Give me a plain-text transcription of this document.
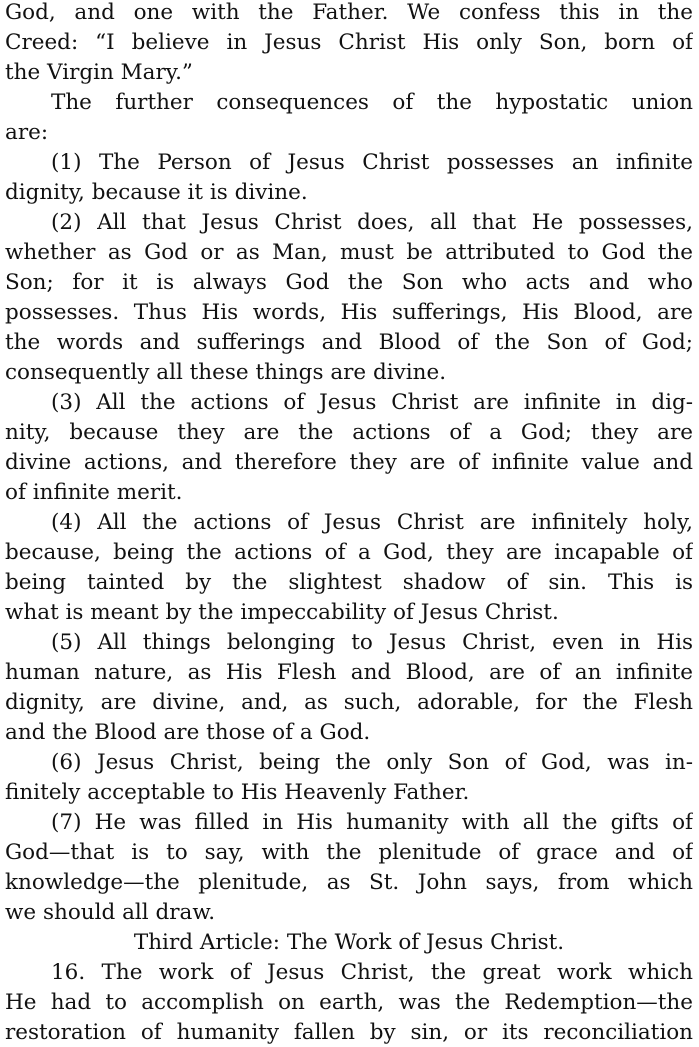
God, and one with the Father. We confess this in the
Creed: “I believe in Jesus Christ His only Son, born of
the Virgin Mary.”
The further consequences of the hypostatic union
are:
(1) The Person of Jesus Christ possesses an infinite
dignity, because it is divine.
(2) All that Jesus Christ does, all that He possesses,
whether as God or as Man, must be attributed to God the
Son; for it is always God the Son who acts and who
possesses. Thus His words, His sufferings, His Blood, are
the words and sufferings and Blood of the Son of God;
consequently all these things are divine.
(3) All the actions of Jesus Christ are infinite in dig-
nity, because they are the actions of a God; they are
divine actions, and therefore they are of infinite value and
of infinite merit.
(4) All the actions of Jesus Christ are infinitely holy,
because, being the actions of a God, they are incapable of
being tainted by the slightest shadow of sin. This is
what is meant by the impeccability of Jesus Christ.
(5) All things belonging to Jesus Christ, even in His
human nature, as His Flesh and Blood, are of an infinite
dignity, are divine, and, as such, adorable, for the Flesh
and the Blood are those of a God.
(6) Jesus Christ, being the only Son of God, was in-
finitely acceptable to His Heavenly Father.
(7) He was filled in His humanity with all the gifts of
God—that is to say, with the plenitude of grace and of
knowledge—the plenitude, as St. John says, from which
we should all draw.
Third Article: The Work of Jesus Christ.
16. The work of Jesus Christ, the great work which
He had to accomplish on earth, was the Redemption—the
restoration of humanity fallen by sin, or its reconciliation
